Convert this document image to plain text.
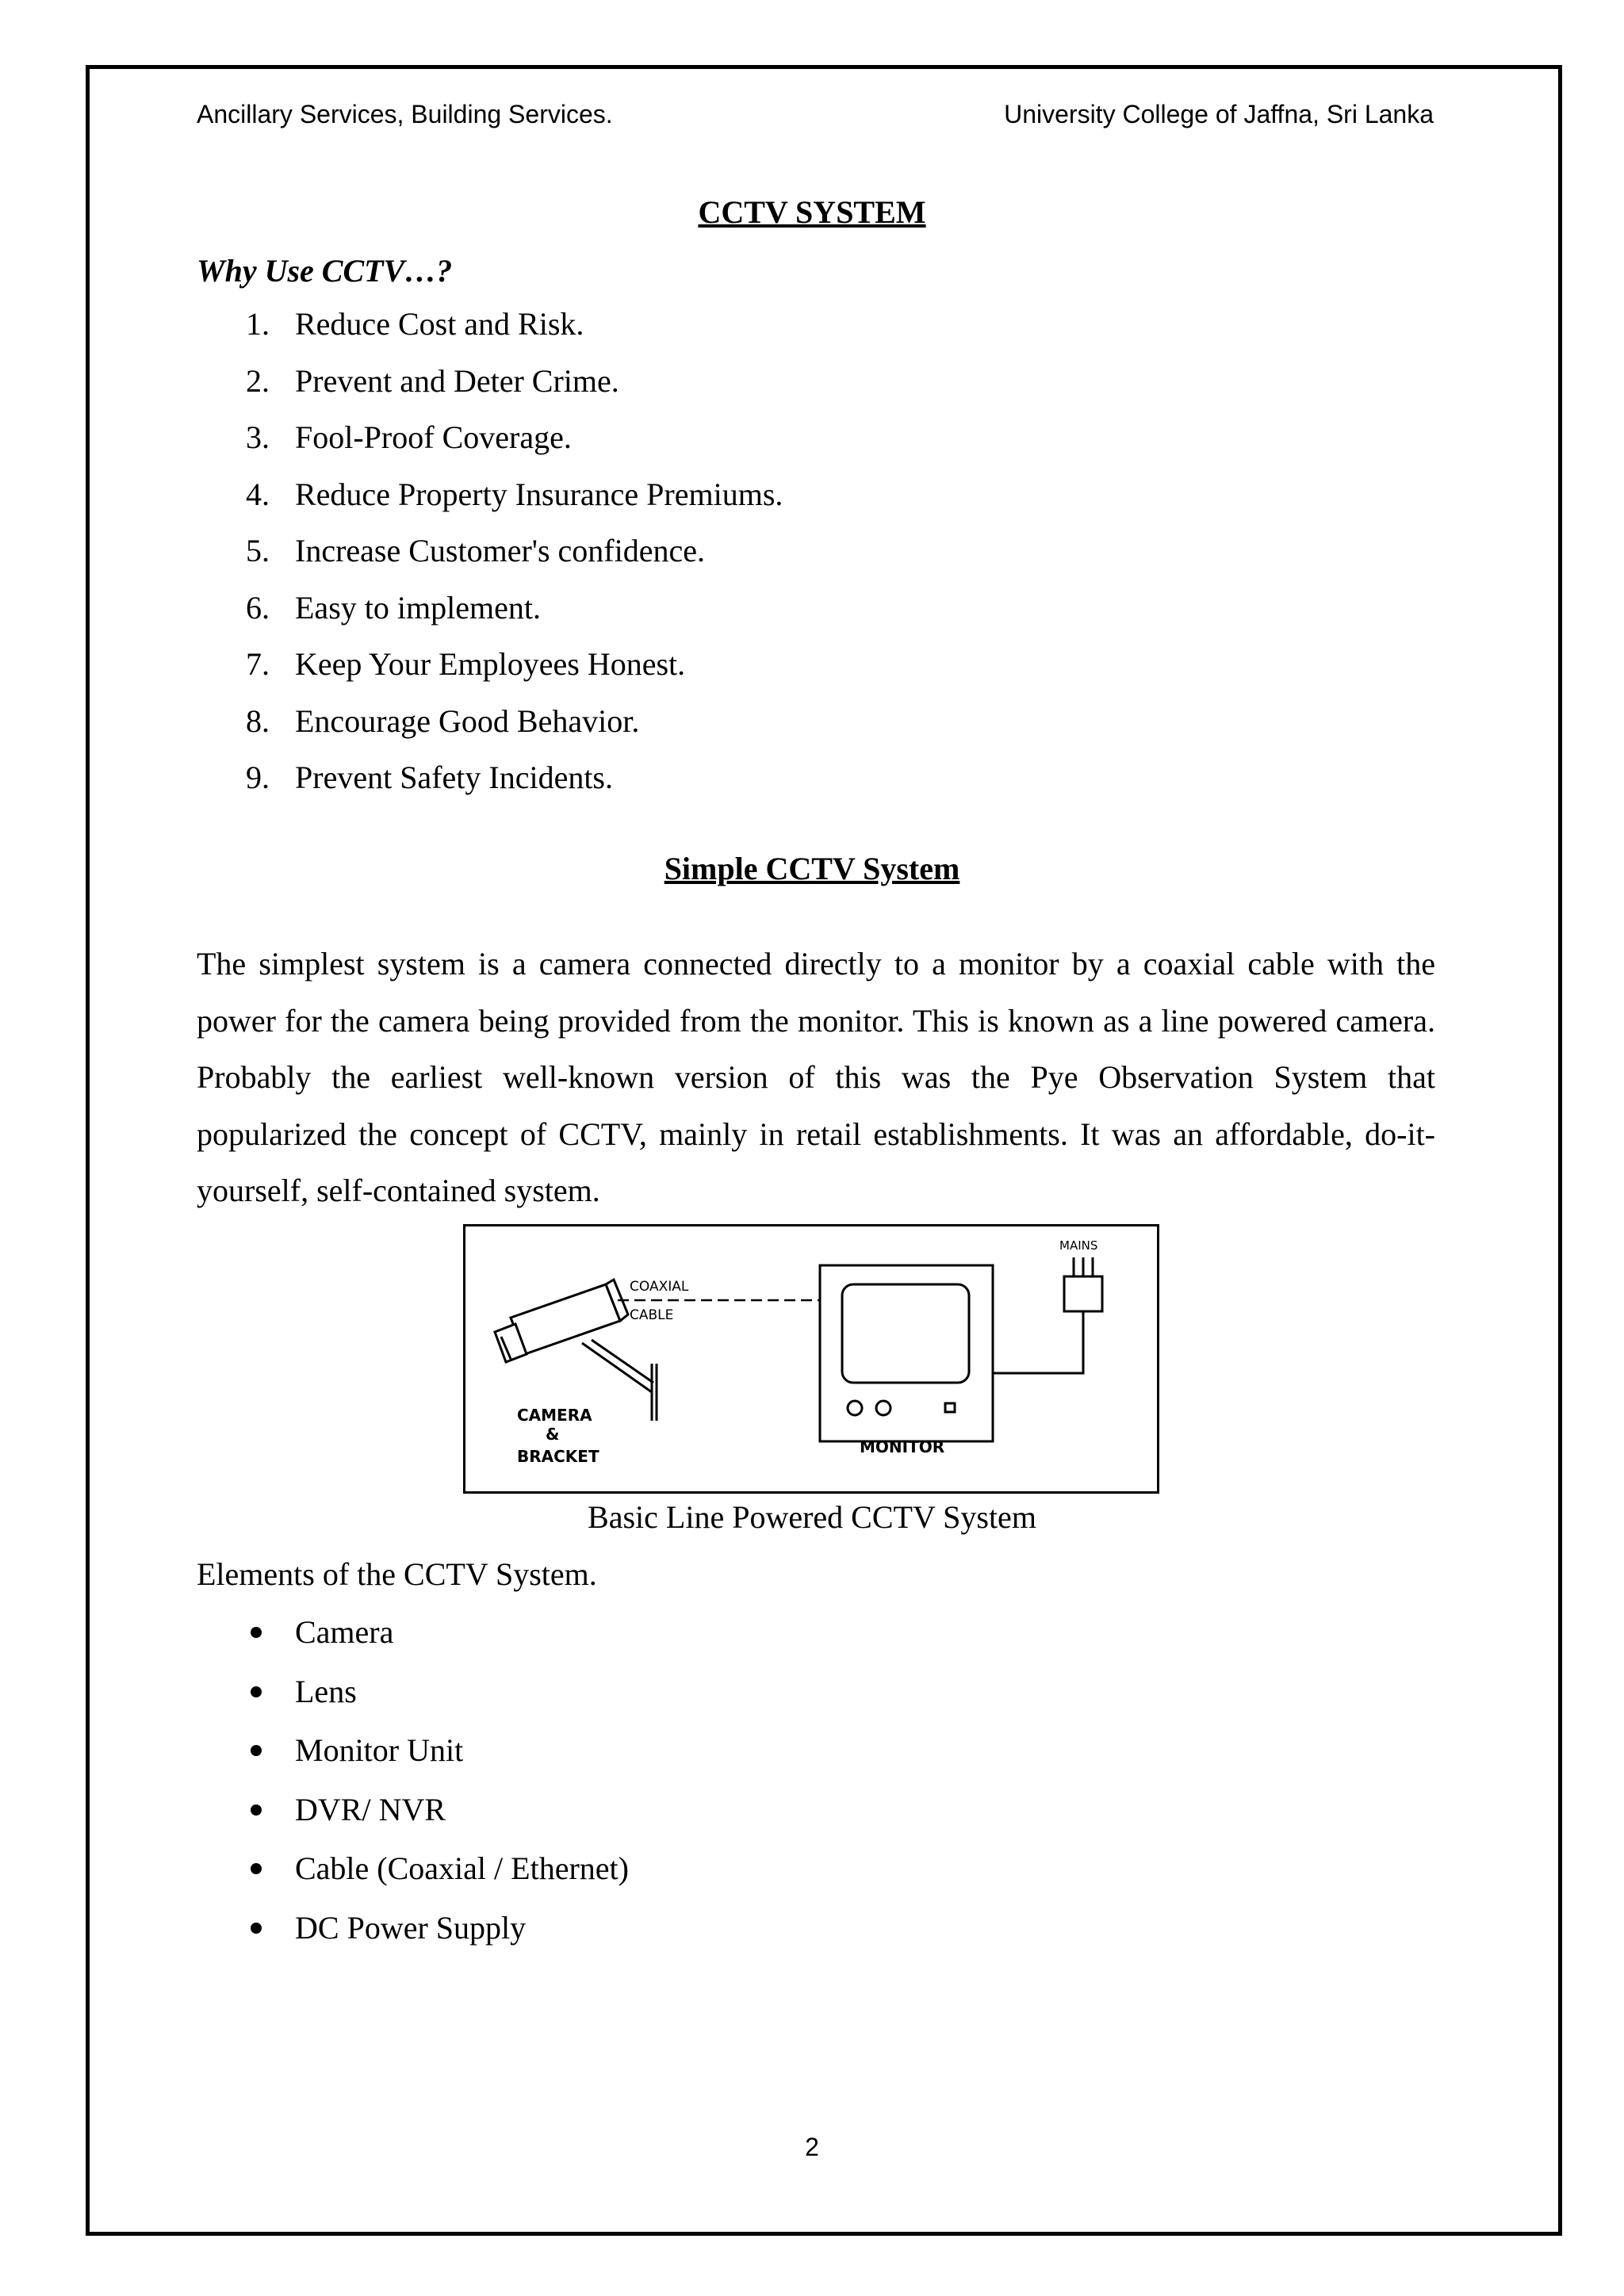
Ancillary Services, Building Services.	University College of Jaffna, Sri Lanka
CCTV SYSTEM
Why Use CCTV…?
1. Reduce Cost and Risk.
2. Prevent and Deter Crime.
3. Fool-Proof Coverage.
4. Reduce Property Insurance Premiums.
5. Increase Customer's confidence.
6. Easy to implement.
7. Keep Your Employees Honest.
8. Encourage Good Behavior.
9. Prevent Safety Incidents.
Simple CCTV System

The simplest system is a camera connected directly to a monitor by a coaxial cable with the power for the camera being provided from the monitor. This is known as a line powered camera. Probably the earliest well-known version of this was the Pye Observation System that popularized the concept of CCTV, mainly in retail establishments. It was an affordable, do-it-yourself, self-contained system.

COAXIAL
CABLE
MAINS
CAMERA
&
BRACKET	MONITOR
Basic Line Powered CCTV System
Elements of the CCTV System.
Camera
Lens
Monitor Unit
DVR/ NVR
Cable (Coaxial / Ethernet)
DC Power Supply
2
